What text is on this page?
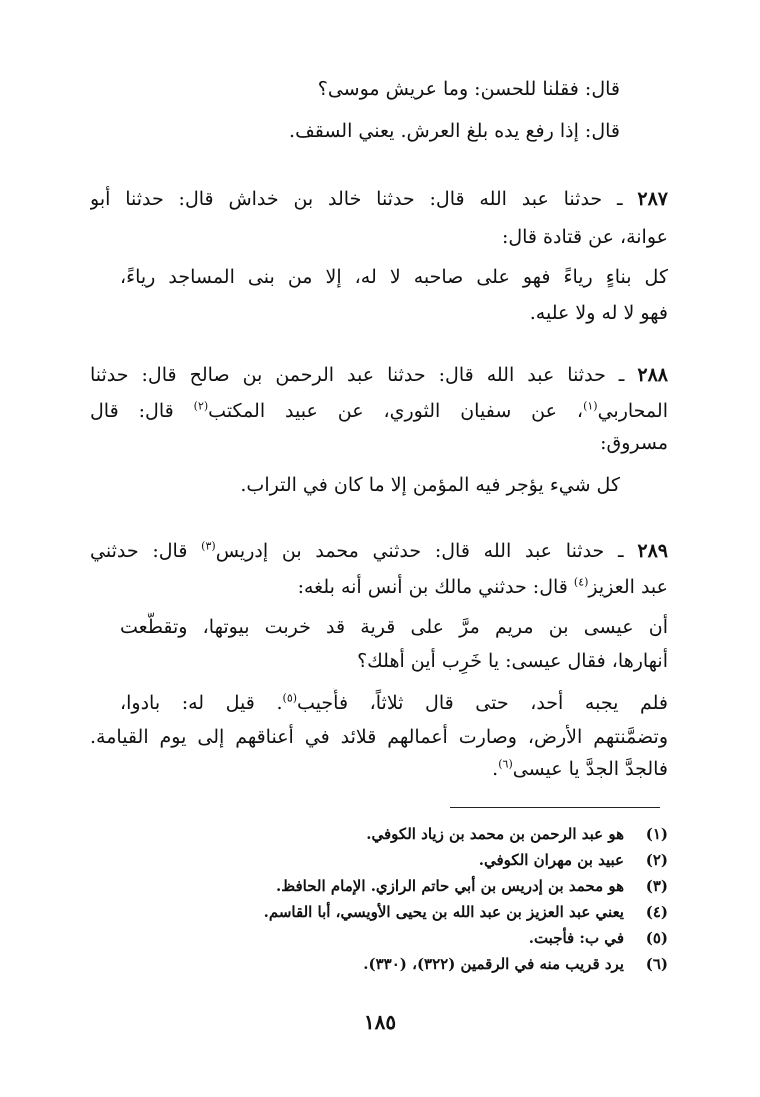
قال: فقلنا للحسن: وما عريش موسى؟
قال: إذا رفع يده بلغ العرش. يعني السقف.
٢٨٧ ـ حدثنا عبد الله قال: حدثنا خالد بن خداش قال: حدثنا أبو
عوانة، عن قتادة قال:
كل بناءٍ رياءً فهو على صاحبه لا له، إلا من بنى المساجد رياءً،
فهو لا له ولا عليه.
٢٨٨ ـ حدثنا عبد الله قال: حدثنا عبد الرحمن بن صالح قال: حدثنا
المحاربي$^{(١)}$، عن سفيان الثوري، عن عبيد المكتب$^{(٢)}$ قال: قال
مسروق:
كل شيء يؤجر فيه المؤمن إلا ما كان في التراب.
٢٨٩ ـ حدثنا عبد الله قال: حدثني محمد بن إدريس$^{(٣)}$ قال: حدثني
عبد العزيز$^{(٤)}$ قال: حدثني مالك بن أنس أنه بلغه:
أن عيسى بن مريم مرَّ على قرية قد خربت بيوتها، وتقطَّعت
أنهارها، فقال عيسى: يا خَرِب أين أهلك؟
فلم يجبه أحد، حتى قال ثلاثاً، فأُجيب$^{(٥)}$. قيل له: بادوا،
وتضمَّنتهم الأرض، وصارت أعمالهم قلائد في أعناقهم إلى يوم القيامة.
فالجدَّ الجدَّ يا عيسى$^{(٦)}$.
(١)هو عبد الرحمن بن محمد بن زياد الكوفي.
(٢)عبيد بن مهران الكوفي.
(٣)هو محمد بن إدريس بن أبي حاتم الرازي. الإمام الحافظ.
(٤)يعني عبد العزيز بن عبد الله بن يحيى الأويسي، أبا القاسم.
(٥)في ب: فأجبت.
(٦)يرد قريب منه في الرقمين (٣٢٢)، (٣٣٠).
١٨٥
